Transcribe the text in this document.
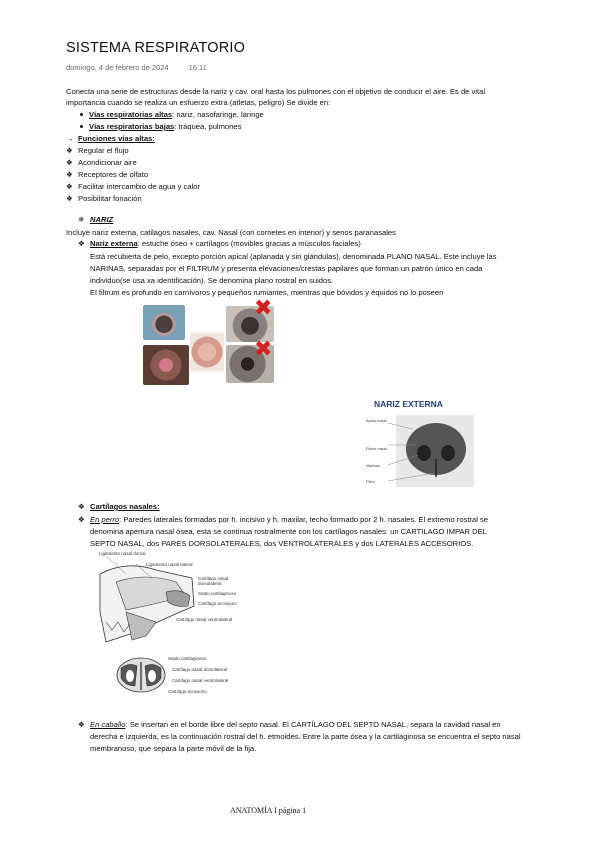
SISTEMA RESPIRATORIO
domingo, 4 de febrero de 2024	16:11
Conecta una serie de estructuras desde la nariz y cav. oral hasta los pulmones con el objetivo de conducir el aire. Es de vital
importancia cuando se realiza un esfuerzo extra (atletas, peligro) Se divide en:
Vías respiratorias altas: nariz, nasofaringe, laringe
Vías respiratorias bajas: tráquea, pulmones
→ Funciones vías altas:
❖ Regular el flujo
❖ Acondicionar aire
❖ Receptores de olfato
❖ Facilitar intercambio de agua y calor
❖ Posibilitar fonación
✵ NARIZ
Incluye nariz externa, catilagos nasales, cav. Nasal (con cornetes en interior) y senos paranasales
❖ Nariz externa: estuche óseo + cartílagos (movibles gracias a músculos faciales)
Está recubierta de pelo, excepto porción apical (aplanada y sin glándulas), denominada PLANO NASAL. Este incluye las
NARINAS, separadas por el FILTRUM y presenta elevaciones/crestas papilares que forman un patrón único en cada
individuo(se usa xa identificación). Se denomina plano rostral en suidos.
El filtrum es profundo en carnívoros y pequeños rumiantes, mientras que bóvidos y équidos no lo poseen
✖
✖
NARIZ EXTERNA
Ápice nasal
Plano nasal
Narinas
Filtro
❖ Cartílagos nasales:
❖ En perro: Paredes laterales formadas por h. incisivo y h. maxilar, techo formado por 2 h. nasales. El extremo rostral se
denomina apertura nasal ósea, esta se continua rostralmente con los cartílagos nasales: un CARTILAGO IMPAR DEL
SEPTO NASAL, dos PARES DORSOLATERALES, dos VENTROLATERALES y dos LATERALES ACCESORIOS.
Ligamento nasal dorsal
Ligamento nasal lateral
Cartílago nasal dorsolateral
Septo cartilaginoso
Cartílago accesorio
Cartílago nasal ventrolateral
Septo cartilaginoso
Cartílago nasal dorsolateral
Cartílago nasal ventrolateral
Cartílago accesorio
❖ En caballo: Se insertan en el borde libre del septo nasal. El CARTÍLAGO DEL SEPTO NASAL, separa la cavidad nasal en
derecha e izquierda, es la continuación rostral del h. etmoides. Entre la parte ósea y la cartilaginosa se encuentra el septo nasal
membranoso, que separa la parte móvil de la fija.
ANATOMÍA I página 1
